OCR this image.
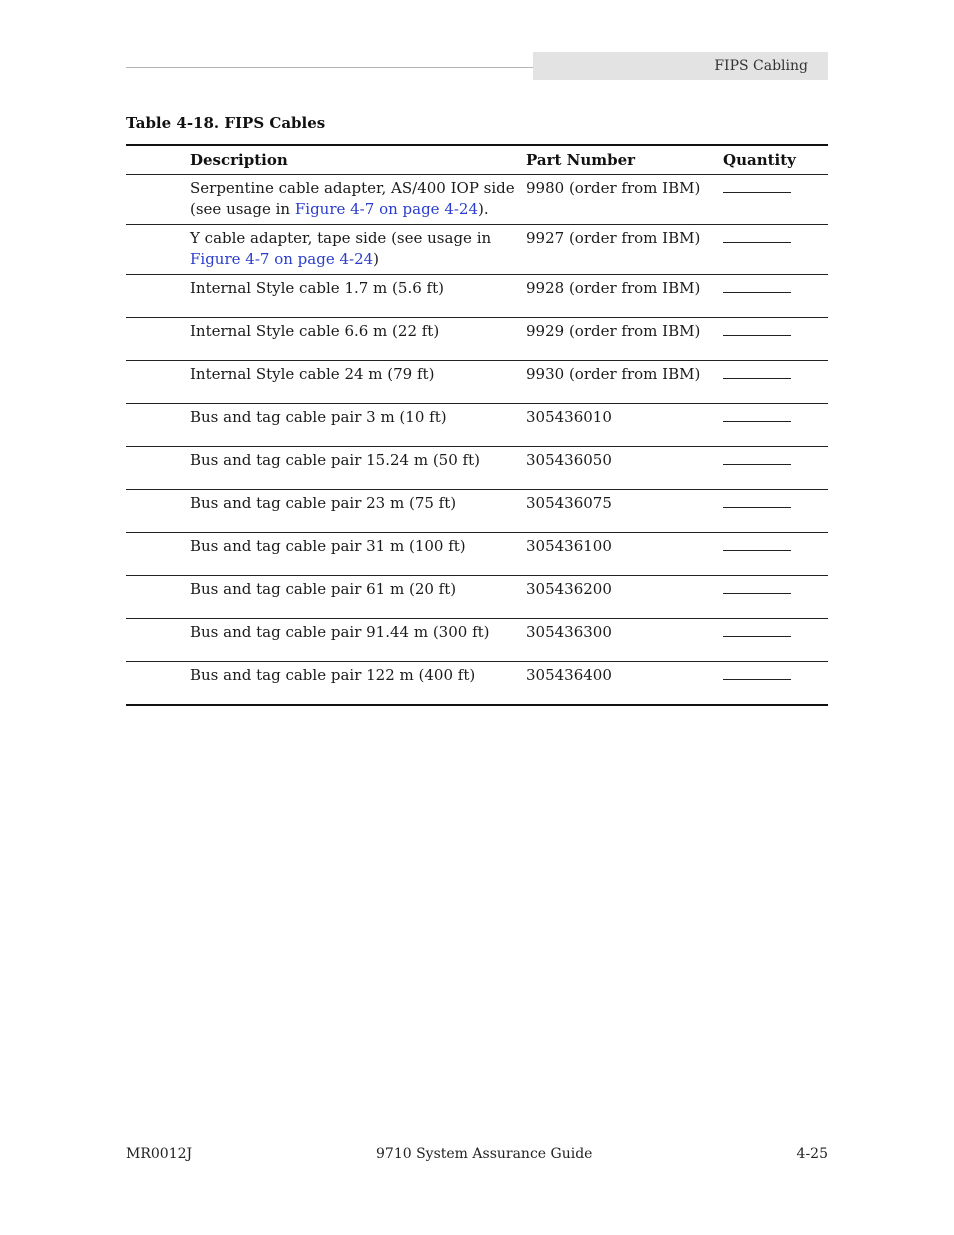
FIPS Cabling
Table 4-18. FIPS Cables
	Description	Part Number	Quantity
	Serpentine cable adapter, AS/400 IOP side (see usage in Figure 4-7 on page 4-24).	9980 (order from IBM)	
	Y cable adapter, tape side (see usage in Figure 4-7 on page 4-24)	9927 (order from IBM)	
	Internal Style cable 1.7 m (5.6 ft)	9928 (order from IBM)	
	Internal Style cable 6.6 m (22 ft)	9929 (order from IBM)	
	Internal Style cable 24 m (79 ft)	9930 (order from IBM)	
	Bus and tag cable pair 3 m (10 ft)	305436010	
	Bus and tag cable pair 15.24 m (50 ft)	305436050	
	Bus and tag cable pair 23 m (75 ft)	305436075	
	Bus and tag cable pair 31 m (100 ft)	305436100	
	Bus and tag cable pair 61 m (20 ft)	305436200	
	Bus and tag cable pair 91.44 m (300 ft)	305436300	
	Bus and tag cable pair 122 m (400 ft)	305436400	
MR0012J	9710 System Assurance Guide	4-25
